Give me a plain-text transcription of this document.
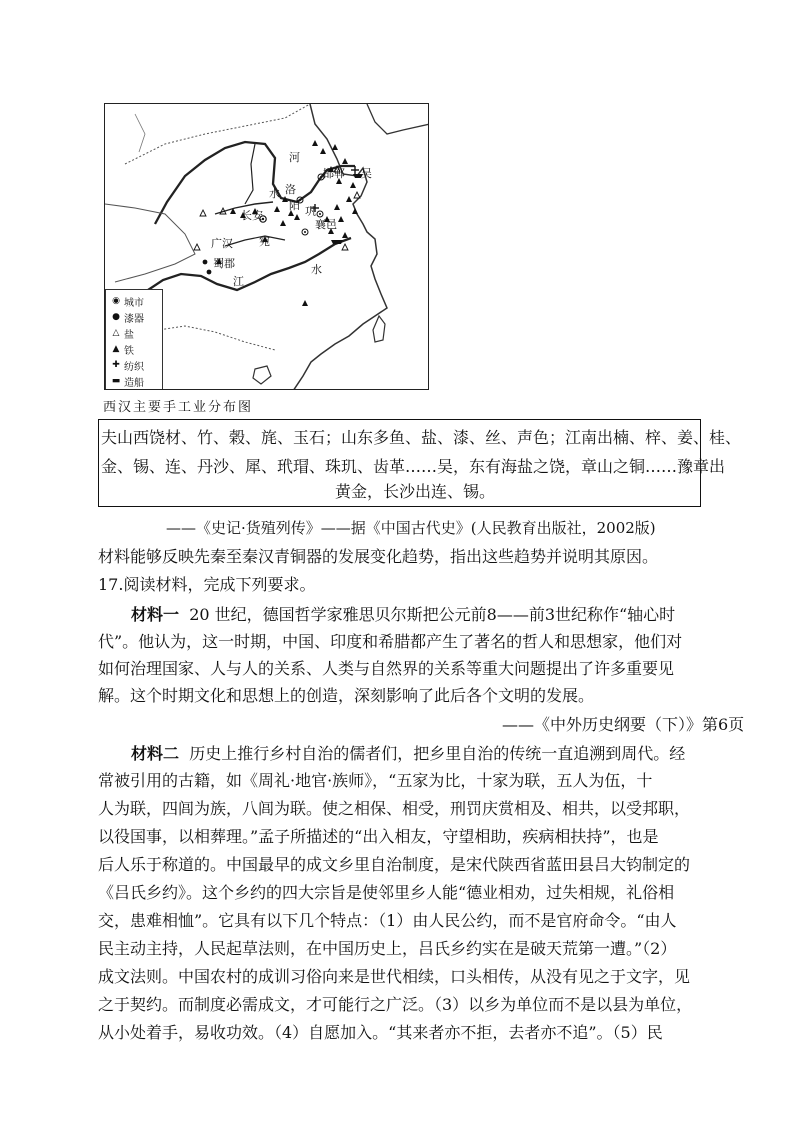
河
邯郸
洛
水
长安
阳 巩
襄邑
广汉 宛
蜀郡
江
水
吴
◉ 城市
● 漆器
△ 盐
▲ 铁
✚ 纺织
▬ 造船
西汉主要手工业分布图
夫山西饶材、竹、榖、旄、玉石；山东多鱼、盐、漆、丝、声色；江南出楠、梓、姜、桂、
金、锡、连、丹沙、犀、玳瑁、珠玑、齿革……吴，东有海盐之饶，章山之铜……豫章出
黄金，长沙出连、锡。
——《史记·货殖列传》——据《中国古代史》(人民教育出版社，2002版)
材料能够反映先秦至秦汉青铜器的发展变化趋势，指出这些趋势并说明其原因。
17.阅读材料，完成下列要求。
材料一 20 世纪，德国哲学家雅思贝尔斯把公元前8——前3世纪称作“轴心时
代”。他认为，这一时期，中国、印度和希腊都产生了著名的哲人和思想家，他们对
如何治理国家、人与人的关系、人类与自然界的关系等重大问题提出了许多重要见
解。这个时期文化和思想上的创造，深刻影响了此后各个文明的发展。
——《中外历史纲要（下）》第6页
材料二 历史上推行乡村自治的儒者们，把乡里自治的传统一直追溯到周代。经
常被引用的古籍，如《周礼·地官·族师》，“五家为比，十家为联，五人为伍，十
人为联，四闾为族，八闾为联。使之相保、相受，刑罚庆赏相及、相共，以受邦职，
以役国事，以相葬理。”孟子所描述的“出入相友，守望相助，疾病相扶持”，也是
后人乐于称道的。中国最早的成文乡里自治制度，是宋代陕西省蓝田县吕大钧制定的
《吕氏乡约》。这个乡约的四大宗旨是使邻里乡人能“德业相劝，过失相规，礼俗相
交，患难相恤”。它具有以下几个特点：（1）由人民公约，而不是官府命令。“由人
民主动主持，人民起草法则，在中国历史上，吕氏乡约实在是破天荒第一遭。”（2）
成文法则。中国农村的成训习俗向来是世代相续，口头相传，从没有见之于文字，见
之于契约。而制度必需成文，才可能行之广泛。（3）以乡为单位而不是以县为单位，
从小处着手，易收功效。（4）自愿加入。“其来者亦不拒，去者亦不追”。（5）民
